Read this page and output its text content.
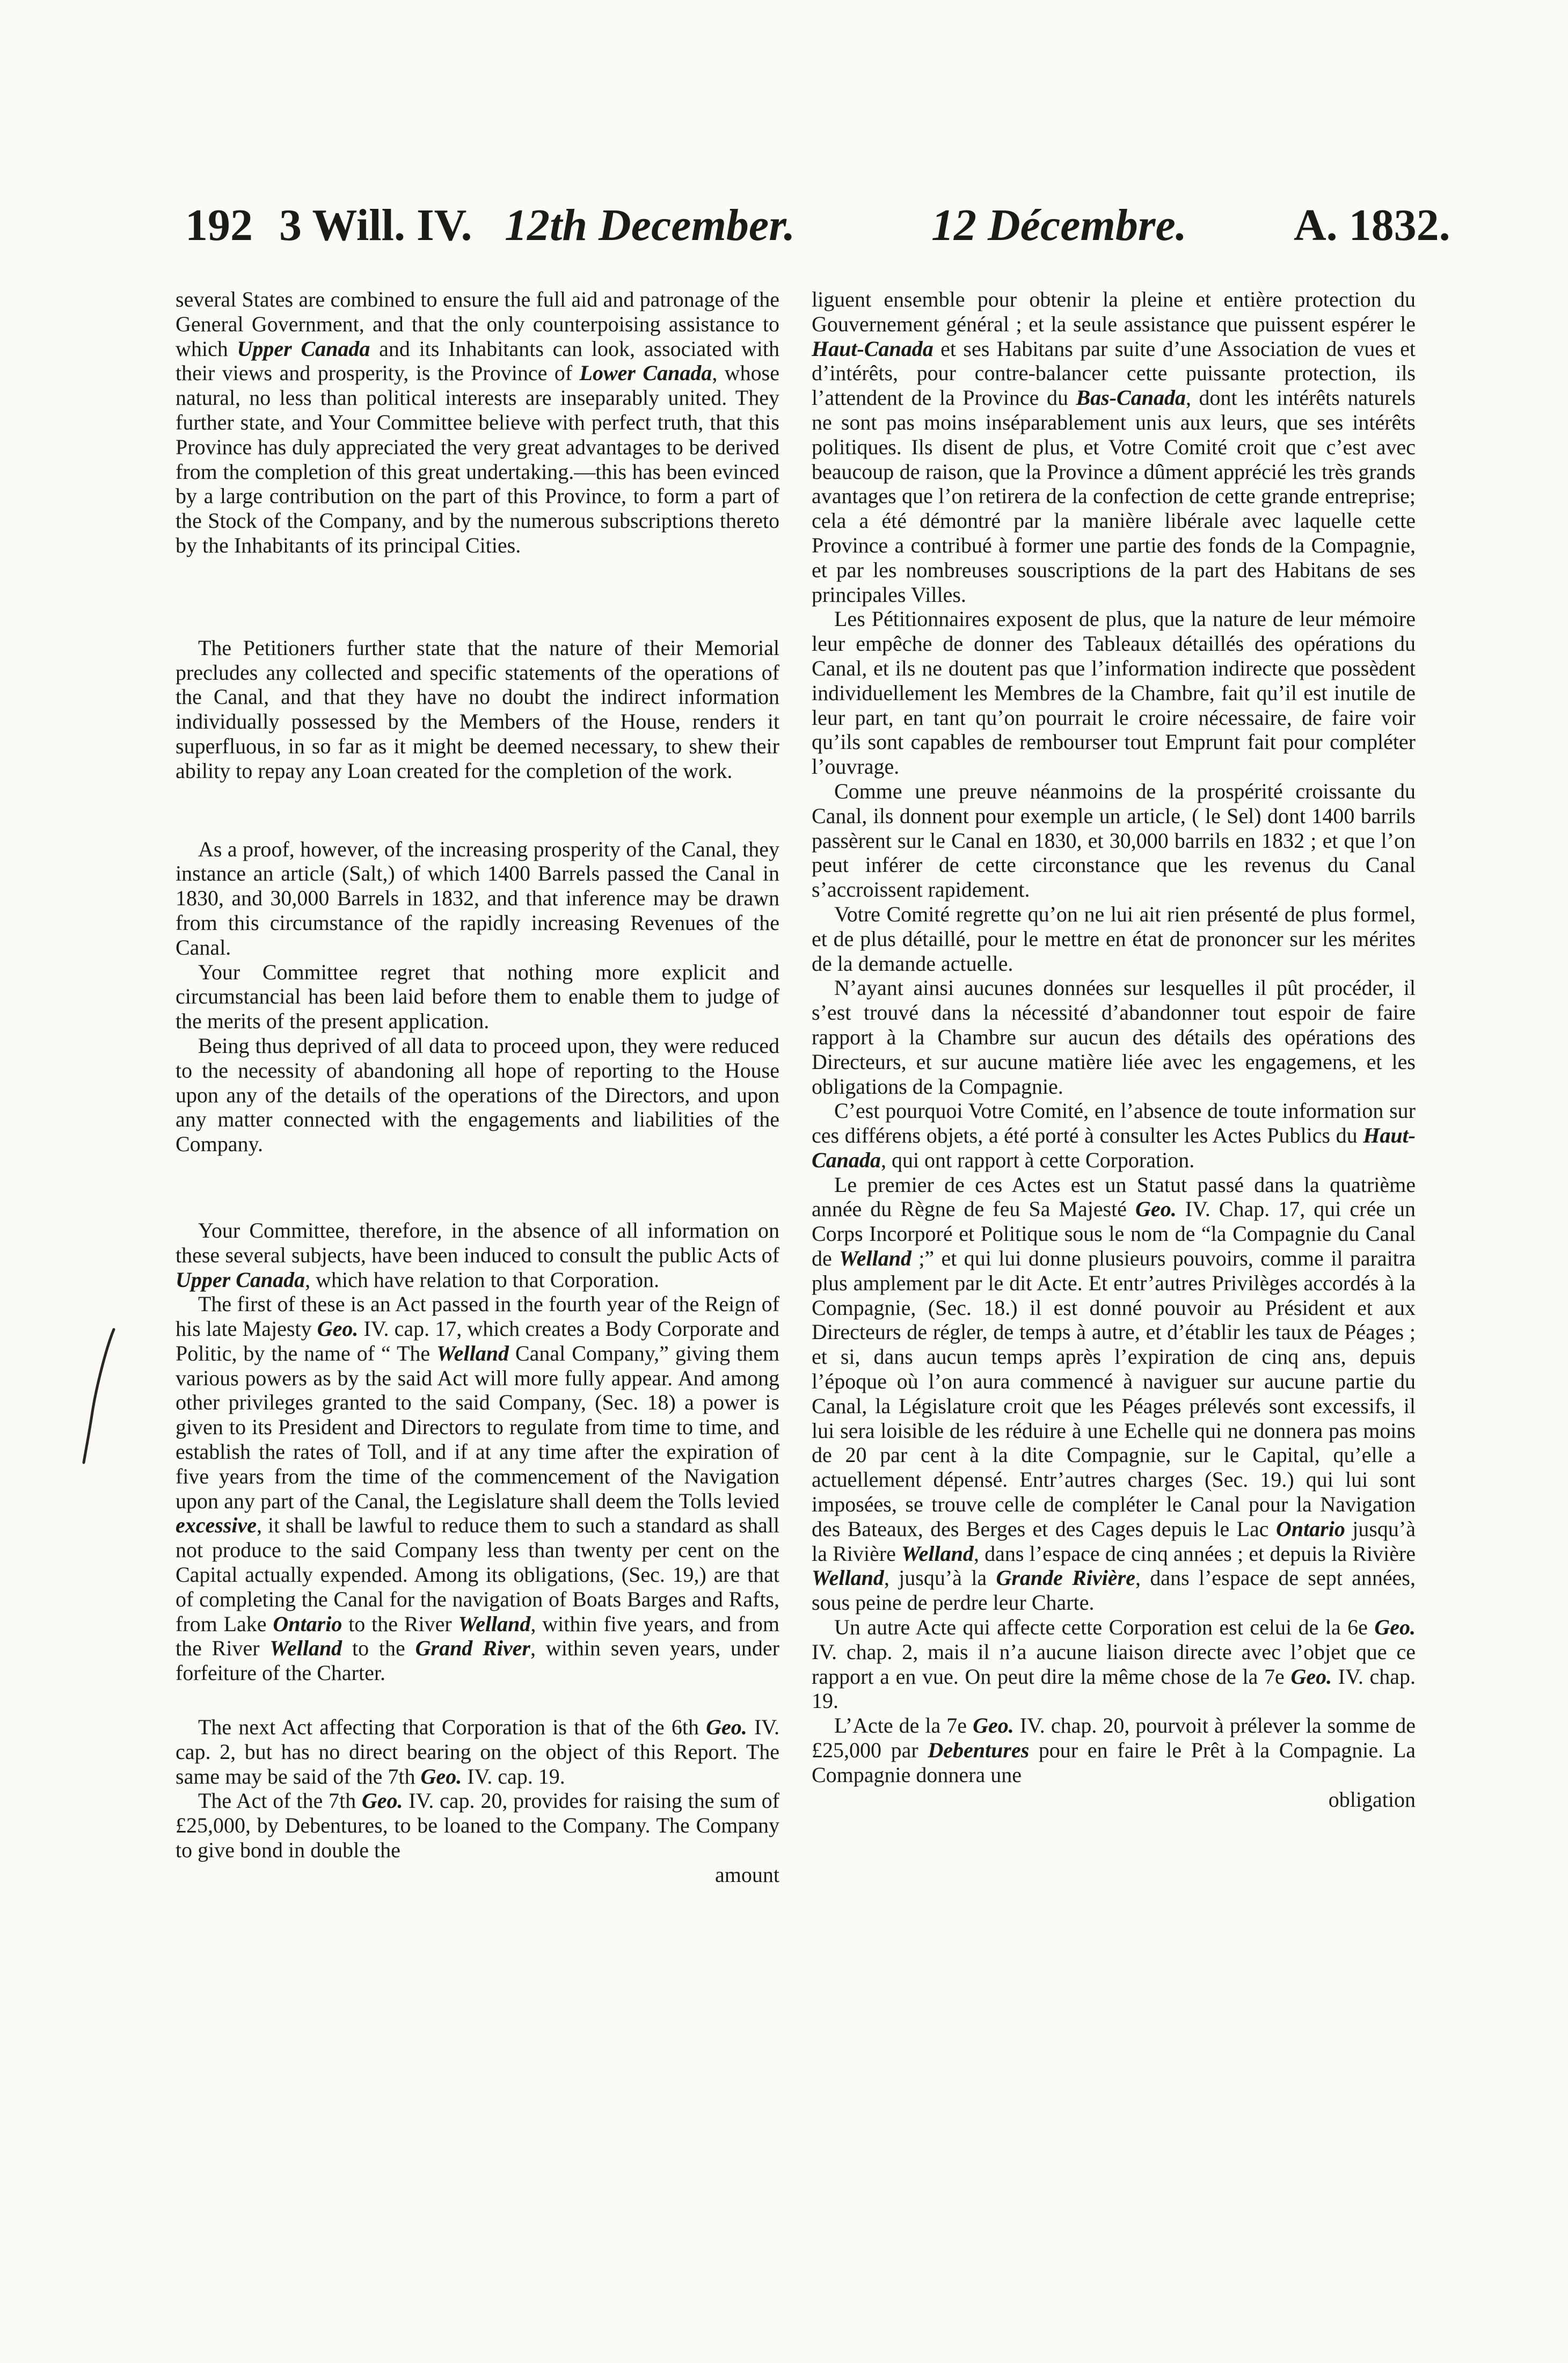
192 3 Will. IV. 12th December.	12 Décembre. A. 1832.

several States are combined to ensure the full aid and patronage of the General Government, and that the only counterpoising assistance to which Upper Canada and its Inhabitants can look, associated with their views and prosperity, is the Province of Lower Canada, whose natural, no less than political interests are inseparably united. They further state, and Your Committee believe with perfect truth, that this Province has duly appreciated the very great advantages to be derived from the completion of this great undertaking.—this has been evinced by a large contribution on the part of this Province, to form a part of the Stock of the Company, and by the numerous subscriptions thereto by the Inhabitants of its principal Cities.

The Petitioners further state that the nature of their Memorial precludes any collected and specific statements of the operations of the Canal, and that they have no doubt the indirect information individually possessed by the Members of the House, renders it superfluous, in so far as it might be deemed necessary, to shew their ability to repay any Loan created for the completion of the work.

As a proof, however, of the increasing prosperity of the Canal, they instance an article (Salt,) of which 1400 Barrels passed the Canal in 1830, and 30,000 Barrels in 1832, and that inference may be drawn from this circumstance of the rapidly increasing Revenues of the Canal.

Your Committee regret that nothing more explicit and circumstancial has been laid before them to enable them to judge of the merits of the present application.

Being thus deprived of all data to proceed upon, they were reduced to the necessity of abandoning all hope of reporting to the House upon any of the details of the operations of the Directors, and upon any matter connected with the engagements and liabilities of the Company.

Your Committee, therefore, in the absence of all information on these several subjects, have been induced to consult the public Acts of Upper Canada, which have relation to that Corporation.

The first of these is an Act passed in the fourth year of the Reign of his late Majesty Geo. IV. cap. 17, which creates a Body Corporate and Politic, by the name of “ The Welland Canal Company,” giving them various powers as by the said Act will more fully appear. And among other privileges granted to the said Company, (Sec. 18) a power is given to its President and Directors to regulate from time to time, and establish the rates of Toll, and if at any time after the expiration of five years from the time of the commencement of the Navigation upon any part of the Canal, the Legislature shall deem the Tolls levied excessive, it shall be lawful to reduce them to such a standard as shall not produce to the said Company less than twenty per cent on the Capital actually expended. Among its obligations, (Sec. 19,) are that of completing the Canal for the navigation of Boats Barges and Rafts, from Lake Ontario to the River Welland, within five years, and from the River Welland to the Grand River, within seven years, under forfeiture of the Charter.

The next Act affecting that Corporation is that of the 6th Geo. IV. cap. 2, but has no direct bearing on the object of this Report. The same may be said of the 7th Geo. IV. cap. 19.

The Act of the 7th Geo. IV. cap. 20, provides for raising the sum of £25,000, by Debentures, to be loaned to the Company. The Company to give bond in double the

amount

liguent ensemble pour obtenir la pleine et entière protection du Gouvernement général ; et la seule assistance que puissent espérer le Haut-Canada et ses Habitans par suite d’une Association de vues et d’intérêts, pour contre-balancer cette puissante protection, ils l’attendent de la Province du Bas-Canada, dont les intérêts naturels ne sont pas moins inséparablement unis aux leurs, que ses intérêts politiques. Ils disent de plus, et Votre Comité croit que c’est avec beaucoup de raison, que la Province a dûment apprécié les très grands avantages que l’on retirera de la confection de cette grande entreprise; cela a été démontré par la manière libérale avec laquelle cette Province a contribué à former une partie des fonds de la Compagnie, et par les nombreuses souscriptions de la part des Habitans de ses principales Villes.

Les Pétitionnaires exposent de plus, que la nature de leur mémoire leur empêche de donner des Tableaux détaillés des opérations du Canal, et ils ne doutent pas que l’information indirecte que possèdent individuellement les Membres de la Chambre, fait qu’il est inutile de leur part, en tant qu’on pourrait le croire nécessaire, de faire voir qu’ils sont capables de rembourser tout Emprunt fait pour compléter l’ouvrage.

Comme une preuve néanmoins de la prospérité croissante du Canal, ils donnent pour exemple un article, ( le Sel) dont 1400 barrils passèrent sur le Canal en 1830, et 30,000 barrils en 1832 ; et que l’on peut inférer de cette circonstance que les revenus du Canal s’accroissent rapidement.

Votre Comité regrette qu’on ne lui ait rien présenté de plus formel, et de plus détaillé, pour le mettre en état de prononcer sur les mérites de la demande actuelle.

N’ayant ainsi aucunes données sur lesquelles il pût procéder, il s’est trouvé dans la nécessité d’abandonner tout espoir de faire rapport à la Chambre sur aucun des détails des opérations des Directeurs, et sur aucune matière liée avec les engagemens, et les obligations de la Compagnie.

C’est pourquoi Votre Comité, en l’absence de toute information sur ces différens objets, a été porté à consulter les Actes Publics du Haut-Canada, qui ont rapport à cette Corporation.

Le premier de ces Actes est un Statut passé dans la quatrième année du Règne de feu Sa Majesté Geo. IV. Chap. 17, qui crée un Corps Incorporé et Politique sous le nom de “la Compagnie du Canal de Welland ;” et qui lui donne plusieurs pouvoirs, comme il paraitra plus amplement par le dit Acte. Et entr’autres Privilèges accordés à la Compagnie, (Sec. 18.) il est donné pouvoir au Président et aux Directeurs de régler, de temps à autre, et d’établir les taux de Péages ; et si, dans aucun temps après l’expiration de cinq ans, depuis l’époque où l’on aura commencé à naviguer sur aucune partie du Canal, la Législature croit que les Péages prélevés sont excessifs, il lui sera loisible de les réduire à une Echelle qui ne donnera pas moins de 20 par cent à la dite Compagnie, sur le Capital, qu’elle a actuellement dépensé. Entr’autres charges (Sec. 19.) qui lui sont imposées, se trouve celle de compléter le Canal pour la Navigation des Bateaux, des Berges et des Cages depuis le Lac Ontario jusqu’à la Rivière Welland, dans l’espace de cinq années ; et depuis la Rivière Welland, jusqu’à la Grande Rivière, dans l’espace de sept années, sous peine de perdre leur Charte.

Un autre Acte qui affecte cette Corporation est celui de la 6e Geo. IV. chap. 2, mais il n’a aucune liaison directe avec l’objet que ce rapport a en vue. On peut dire la même chose de la 7e Geo. IV. chap. 19.

L’Acte de la 7e Geo. IV. chap. 20, pourvoit à prélever la somme de £25,000 par Debentures pour en faire le Prêt à la Compagnie. La Compagnie donnera une

obligation
